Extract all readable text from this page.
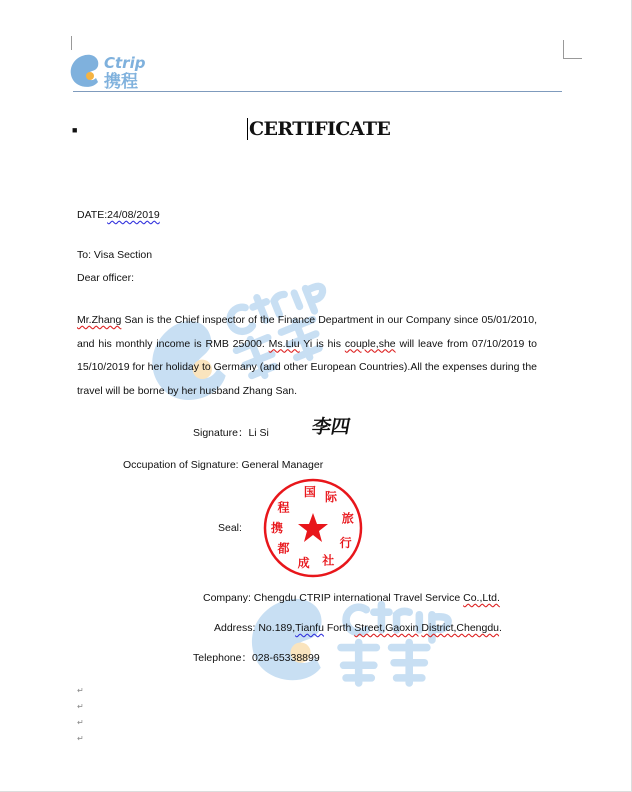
Ctrip
携程
■	CERTIFICATE
DATE:24/08/2019
To: Visa Section
Dear officer:
Mr.Zhang San is the Chief inspector of the Finance Department in our Company since 05/01/2010, and his monthly income is RMB 25000. Ms.Liu Yi is his couple,she will leave from 07/10/2019 to 15/10/2019 for her holiday to Germany (and other European Countries).All the expenses during the travel will be borne by her husband Zhang San.
Signature：Li Si 李四
Occupation of Signature: General Manager
Seal:
Company: Chengdu CTRIP international Travel Service Co.,Ltd.
Address: No.189,Tianfu Forth Street,Gaoxin District,Chengdu.
Telephone：028-65338899
成
都
携
程
国 际
旅
行
社
↵
↵
↵
↵
